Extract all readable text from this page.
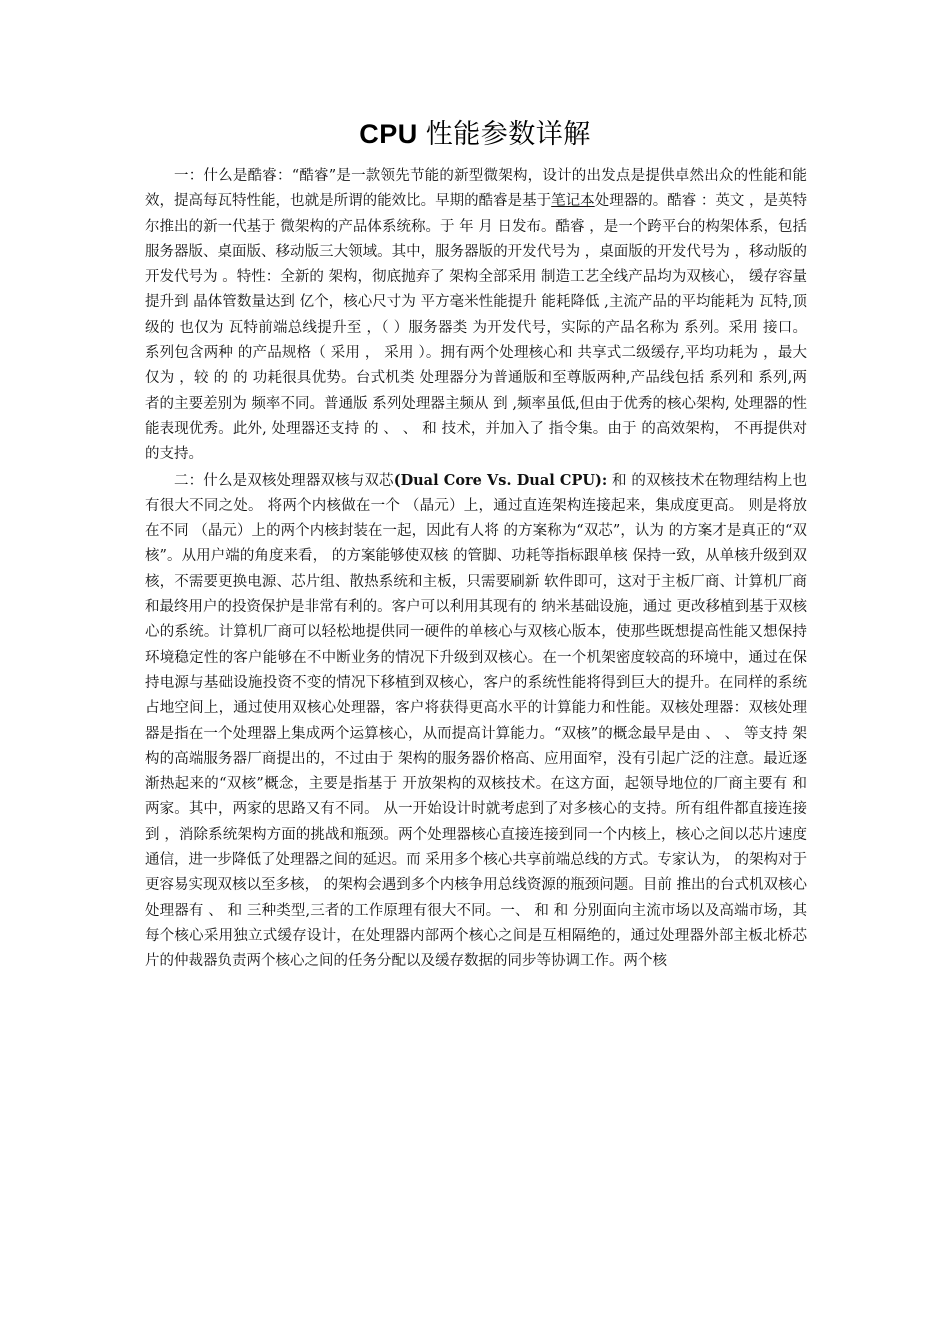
CPU 性能参数详解

一：什么是酷睿：“酷睿”是一款领先节能的新型微架构，设计的出发点是提供卓然出众的性能和能效，提高每瓦特性能，也就是所谓的能效比。早期的酷睿是基于笔记本处理器的。酷睿 ：英文 ，是英特尔推出的新一代基于 微架构的产品体系统称。于 年 月 日发布。酷睿 ，是一个跨平台的构架体系，包括服务器版、桌面版、移动版三大领域。其中，服务器版的开发代号为 ，桌面版的开发代号为 ，移动版的开发代号为 。特性：全新的 架构，彻底抛弃了 架构全部采用 制造工艺全线产品均为双核心， 缓存容量提升到 晶体管数量达到 亿个，核心尺寸为 平方毫米性能提升 能耗降低 ,主流产品的平均能耗为 瓦特,顶级的 也仅为 瓦特前端总线提升至 ，（ ）服务器类 为开发代号，实际的产品名称为 系列。采用 接口。 系列包含两种 的产品规格（ 采用 ， 采用 ）。拥有两个处理核心和 共享式二级缓存,平均功耗为 ，最大仅为 ，较 的 的 功耗很具优势。台式机类 处理器分为普通版和至尊版两种,产品线包括 系列和 系列,两者的主要差别为 频率不同。普通版 系列处理器主频从 到 ,频率虽低,但由于优秀的核心架构, 处理器的性能表现优秀。此外, 处理器还支持 的 、 、 和 技术，并加入了 指令集。由于 的高效架构， 不再提供对 的支持。

二：什么是双核处理器双核与双芯(Dual Core Vs. Dual CPU): 和 的双核技术在物理结构上也有很大不同之处。 将两个内核做在一个 （晶元）上，通过直连架构连接起来，集成度更高。 则是将放在不同 （晶元）上的两个内核封装在一起，因此有人将 的方案称为“双芯”，认为 的方案才是真正的“双核”。从用户端的角度来看， 的方案能够使双核 的管脚、功耗等指标跟单核 保持一致，从单核升级到双核，不需要更换电源、芯片组、散热系统和主板，只需要刷新 软件即可，这对于主板厂商、计算机厂商和最终用户的投资保护是非常有利的。客户可以利用其现有的 纳米基础设施，通过 更改移植到基于双核心的系统。计算机厂商可以轻松地提供同一硬件的单核心与双核心版本，使那些既想提高性能又想保持 环境稳定性的客户能够在不中断业务的情况下升级到双核心。在一个机架密度较高的环境中，通过在保持电源与基础设施投资不变的情况下移植到双核心，客户的系统性能将得到巨大的提升。在同样的系统占地空间上，通过使用双核心处理器，客户将获得更高水平的计算能力和性能。双核处理器：双核处理器是指在一个处理器上集成两个运算核心，从而提高计算能力。“双核”的概念最早是由 、 、 等支持 架构的高端服务器厂商提出的，不过由于 架构的服务器价格高、应用面窄，没有引起广泛的注意。最近逐渐热起来的“双核”概念，主要是指基于 开放架构的双核技术。在这方面，起领导地位的厂商主要有 和 两家。其中，两家的思路又有不同。 从一开始设计时就考虑到了对多核心的支持。所有组件都直接连接到 ，消除系统架构方面的挑战和瓶颈。两个处理器核心直接连接到同一个内核上，核心之间以芯片速度通信，进一步降低了处理器之间的延迟。而 采用多个核心共享前端总线的方式。专家认为， 的架构对于更容易实现双核以至多核， 的架构会遇到多个内核争用总线资源的瓶颈问题。目前 推出的台式机双核心处理器有 、 和 三种类型,三者的工作原理有很大不同。一、 和 和 分别面向主流市场以及高端市场，其每个核心采用独立式缓存设计，在处理器内部两个核心之间是互相隔绝的，通过处理器外部主板北桥芯片的仲裁器负责两个核心之间的任务分配以及缓存数据的同步等协调工作。两个核
